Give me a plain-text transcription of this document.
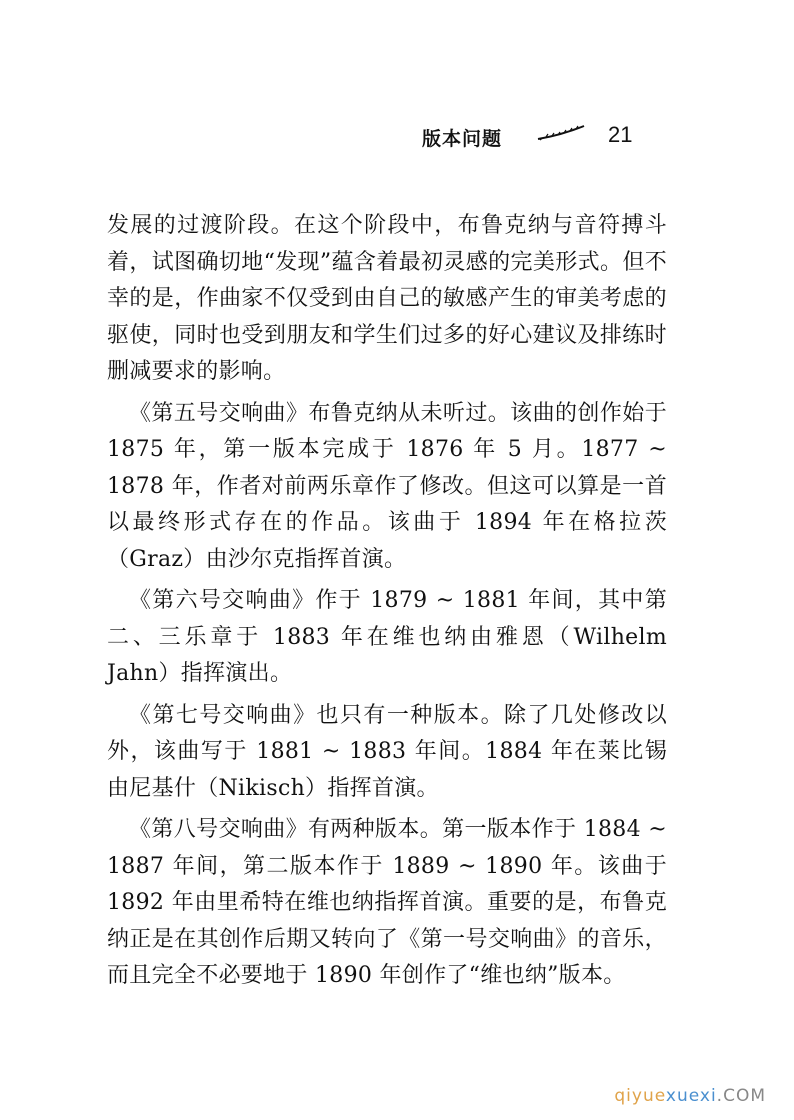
版本问题	21

发展的过渡阶段。在这个阶段中，布鲁克纳与音符搏斗着，试图确切地“发现”蕴含着最初灵感的完美形式。但不幸的是，作曲家不仅受到由自己的敏感产生的审美考虑的驱使，同时也受到朋友和学生们过多的好心建议及排练时删减要求的影响。

《第五号交响曲》布鲁克纳从未听过。该曲的创作始于 1875 年，第一版本完成于 1876 年 5 月。1877 ~ 1878 年，作者对前两乐章作了修改。但这可以算是一首以最终形式存在的作品。该曲于 1894 年在格拉茨（Graz）由沙尔克指挥首演。

《第六号交响曲》作于 1879 ~ 1881 年间，其中第二、三乐章于 1883 年在维也纳由雅恩（Wilhelm Jahn）指挥演出。

《第七号交响曲》也只有一种版本。除了几处修改以外，该曲写于 1881 ~ 1883 年间。1884 年在莱比锡由尼基什（Nikisch）指挥首演。

《第八号交响曲》有两种版本。第一版本作于 1884 ~ 1887 年间，第二版本作于 1889 ~ 1890 年。该曲于 1892 年由里希特在维也纳指挥首演。重要的是，布鲁克纳正是在其创作后期又转向了《第一号交响曲》的音乐，而且完全不必要地于 1890 年创作了“维也纳”版本。

qiyuexuexi.COM
